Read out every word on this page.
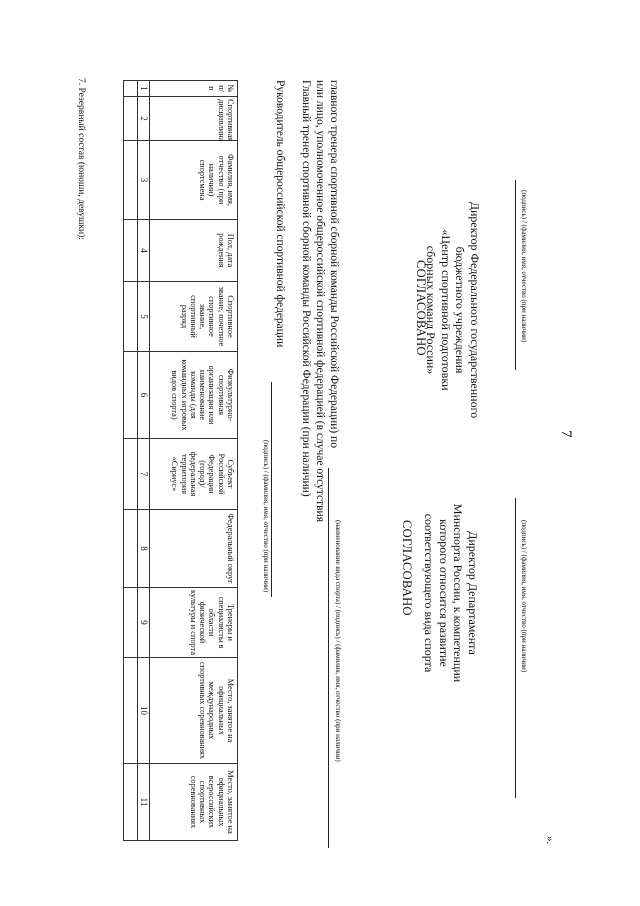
7
7. Резервный состав (юноши, девушки):	№ п/п	Спортивная дисциплина	Фамилия, имя, отчество (при наличии) спортсмена	Пол, дата рождения	Спортивное звание, почетное спортивное звание, спортивный разряд	Физкультурно-спортивная организация или наименование команды (для командных игровых видов спорта)	Субъект Российской Федерации (город)/ федеральная территория «Сириус»	Федеральный округ	Тренеры и специалисты в области физической культуры и спорта	Место, занятое на официальных международных спортивных соревнованиях	Место, занятое на официальных всероссийских спортивных соревнованиях
1	2	3	4	5	6	7	8	9	10	11

Руководитель общероссийской спортивной федерации
(подпись) / (фамилия, имя, отчество (при наличии)
Главный тренер спортивной сборной команды Российской Федерации (при наличии) или лицо, уполномоченное общероссийской спортивной федерацией (в случае отсутствия главного тренера спортивной сборной команды Российской Федерации) по
(наименование вида спорта) / (подпись) / (фамилия, имя, отчество (при наличии)
СОГЛАСОВАНО	Директор Федерального государственного
бюджетного учреждения
«Центр спортивной подготовки
сборных команд России»	(подпись) / (фамилия, имя, отчество (при наличии)
СОГЛАСОВАНО	Директор Департамента
Минспорта России, к компетенции
которого относится развитие
соответствующего вида спорта	(подпись) / (фамилия, имя, отчество (при наличии)
».
